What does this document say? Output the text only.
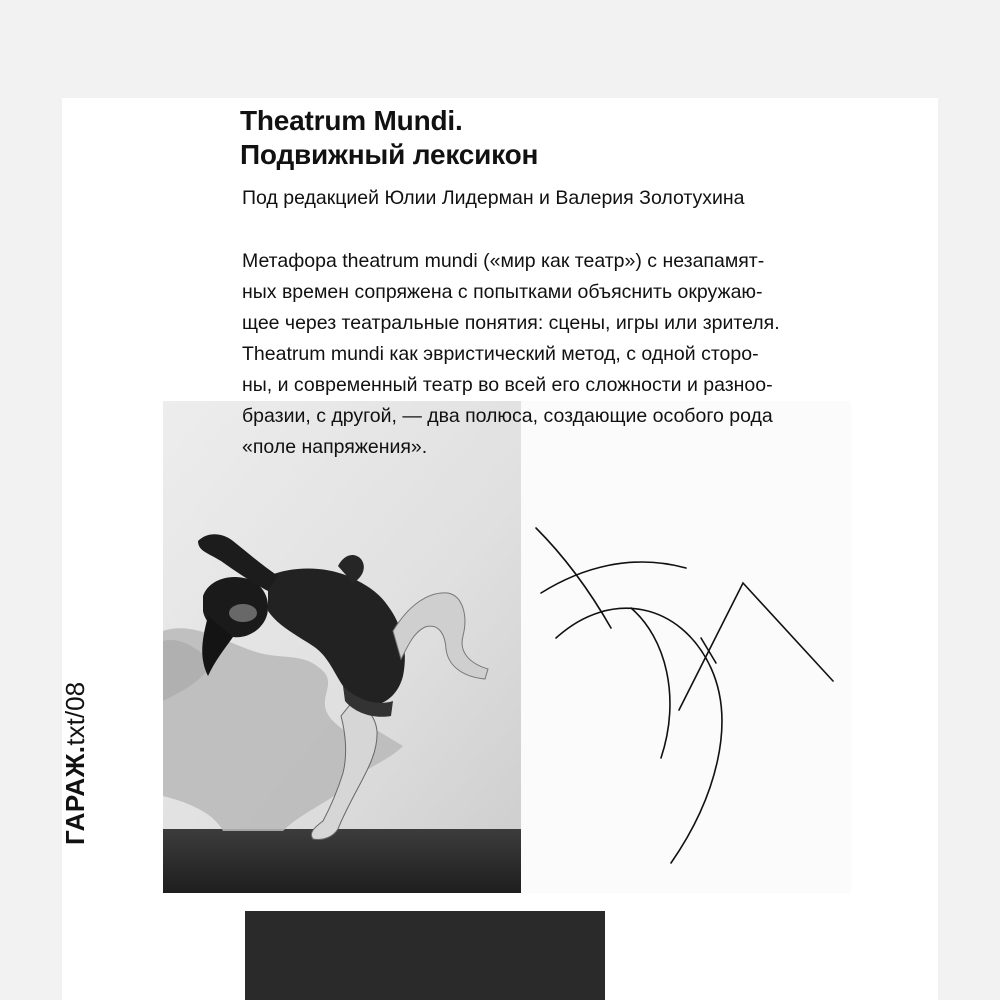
Theatrum Mundi.
Подвижный лексикон
Под редакцией Юлии Лидерман и Валерия Золотухина
Метафора theatrum mundi («мир как театр») с незапамят-
ных времен сопряжена с попытками объяснить окружаю-
щее через театральные понятия: сцены, игры или зрителя.
Theatrum mundi как эвристический метод, с одной сторо-
ны, и современный театр во всей его сложности и разноо-
бразии, с другой, — два полюса, создающие особого рода
«поле напряжения».
ГАРАЖ.txt/08
